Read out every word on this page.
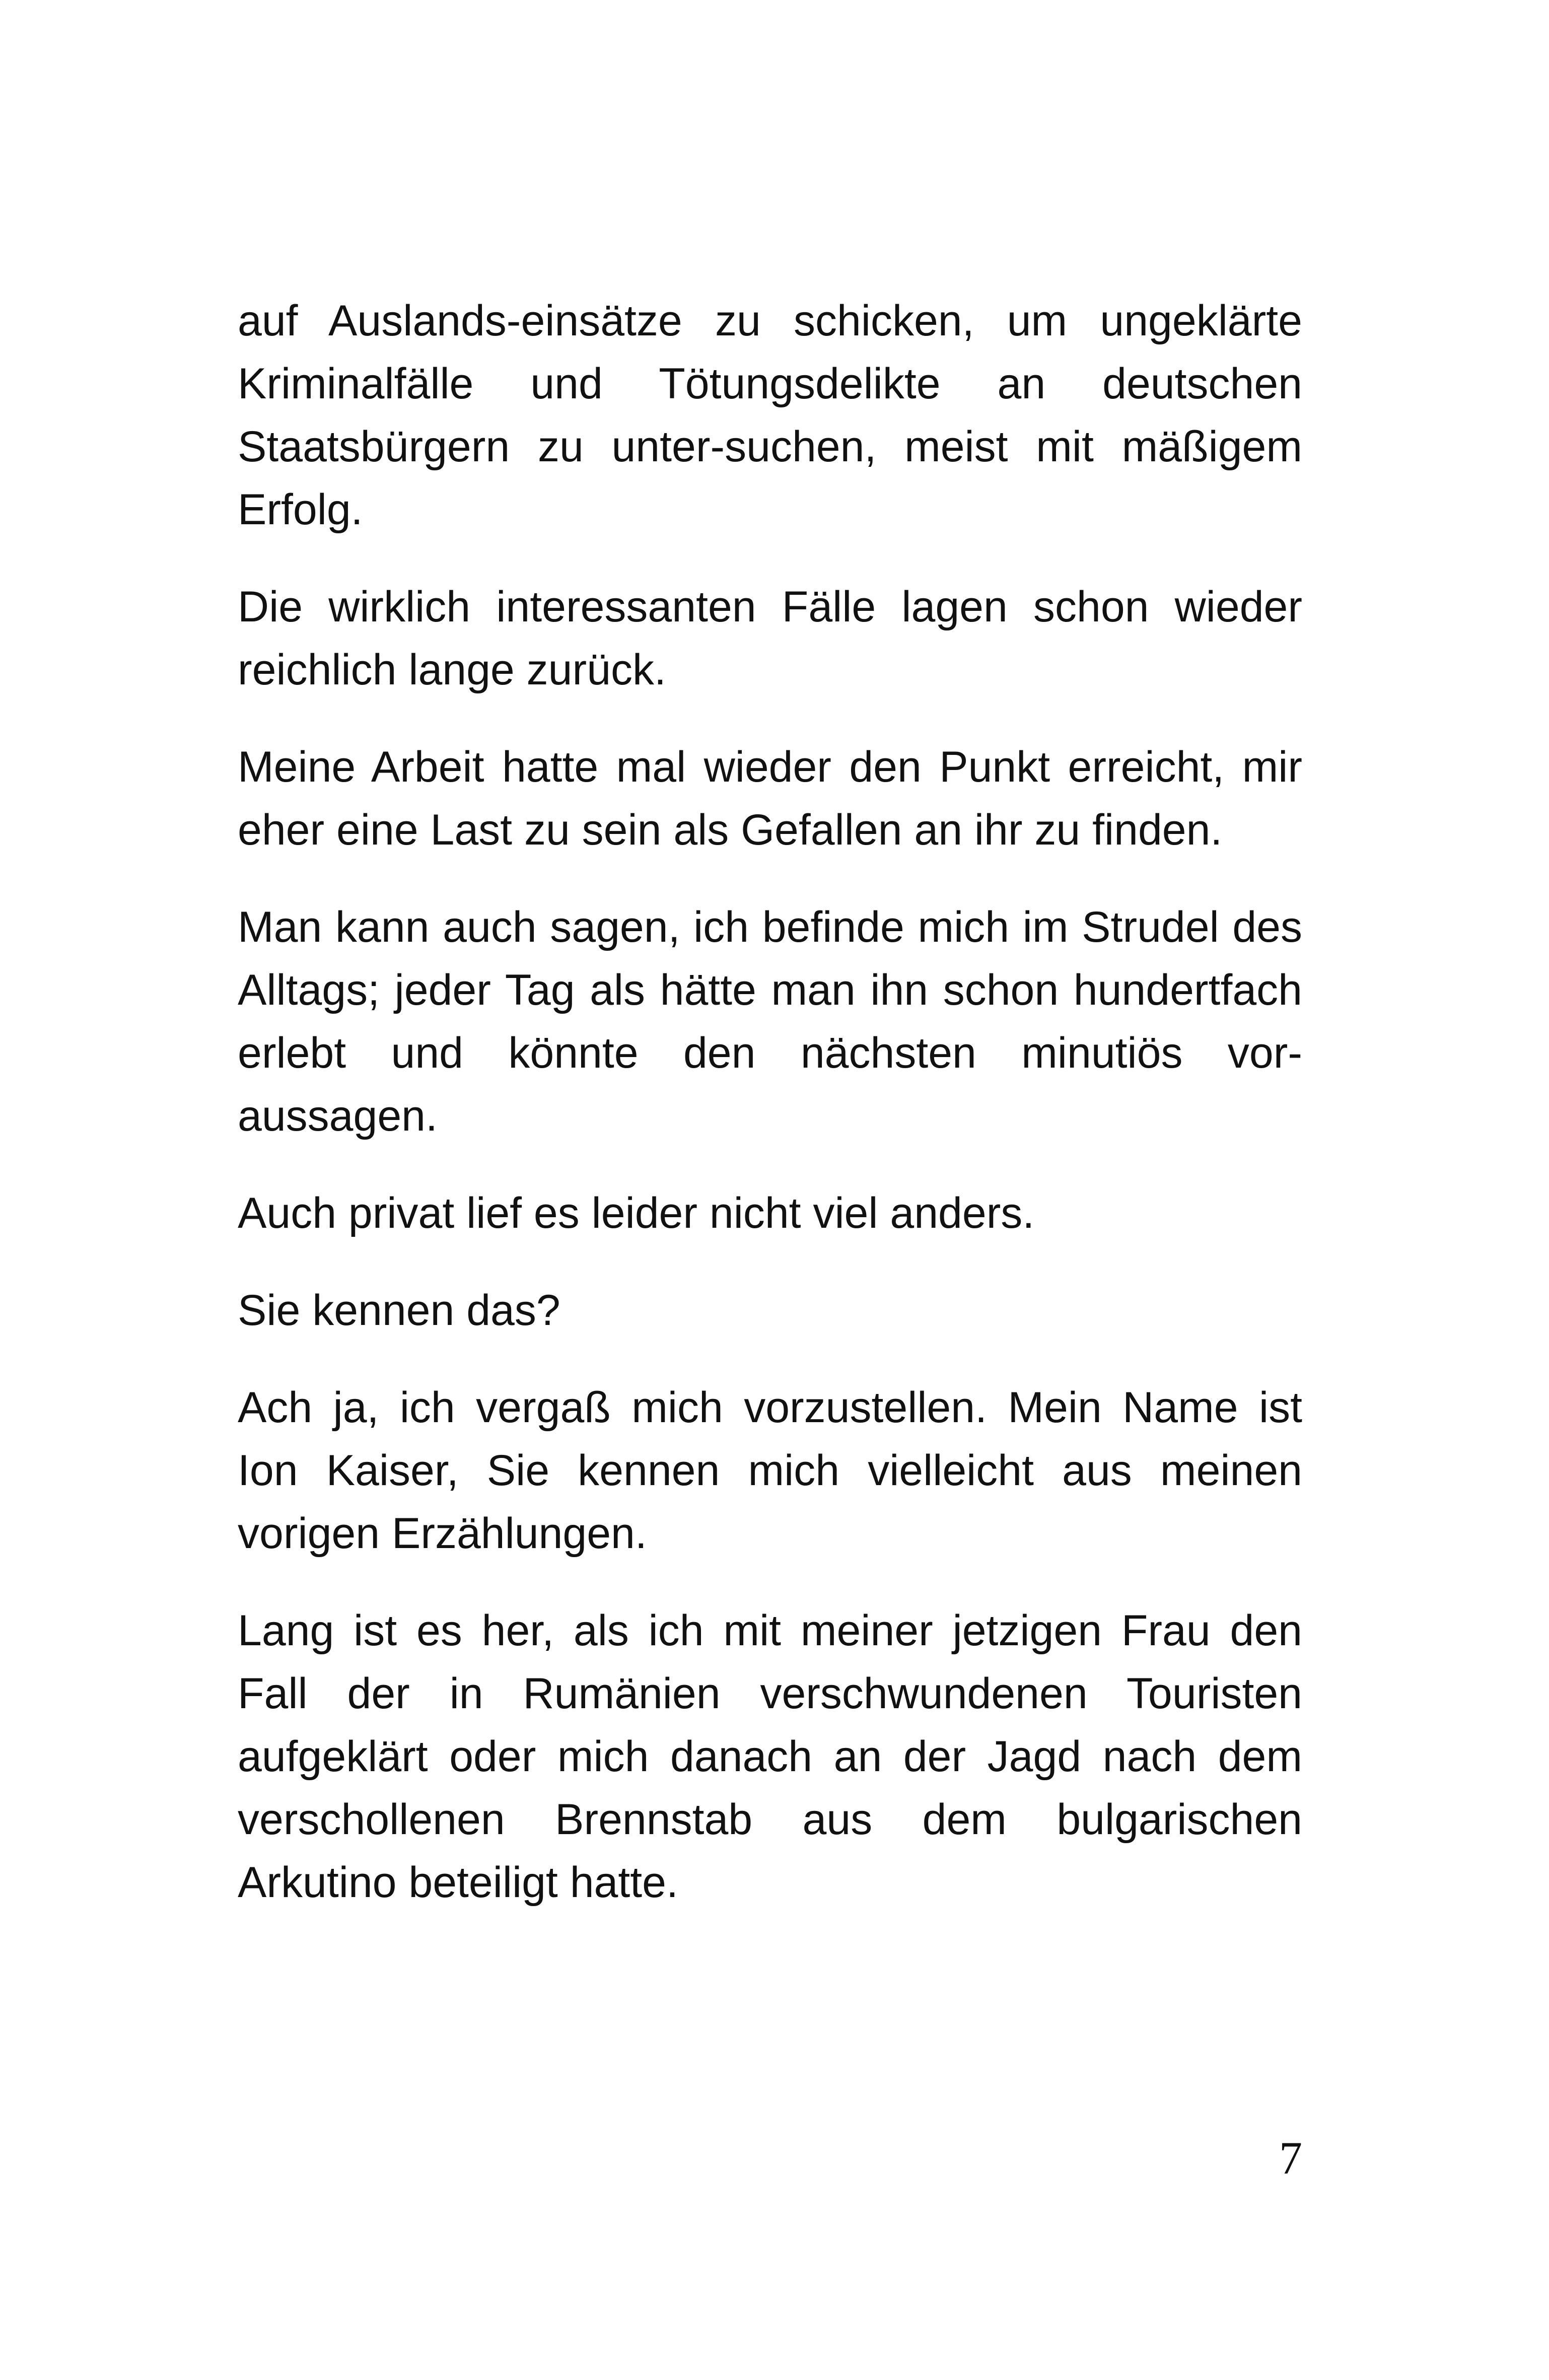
auf Auslands-einsätze zu schicken, um ungeklärte Kriminalfälle und Tötungsdelikte an deutschen Staatsbürgern zu unter-suchen, meist mit mäßigem Erfolg.

Die wirklich interessanten Fälle lagen schon wieder reichlich lange zurück.

Meine Arbeit hatte mal wieder den Punkt erreicht, mir eher eine Last zu sein als Gefallen an ihr zu finden.

Man kann auch sagen, ich befinde mich im Strudel des Alltags; jeder Tag als hätte man ihn schon hundertfach erlebt und könnte den nächsten minutiös vor-aussagen.

Auch privat lief es leider nicht viel anders.

Sie kennen das?

Ach ja, ich vergaß mich vorzustellen. Mein Name ist Ion Kaiser, Sie kennen mich vielleicht aus meinen vorigen Erzählungen.

Lang ist es her, als ich mit meiner jetzigen Frau den Fall der in Rumänien verschwundenen Touristen aufgeklärt oder mich danach an der Jagd nach dem verschollenen Brennstab aus dem bulgarischen Arkutino beteiligt hatte.

7
